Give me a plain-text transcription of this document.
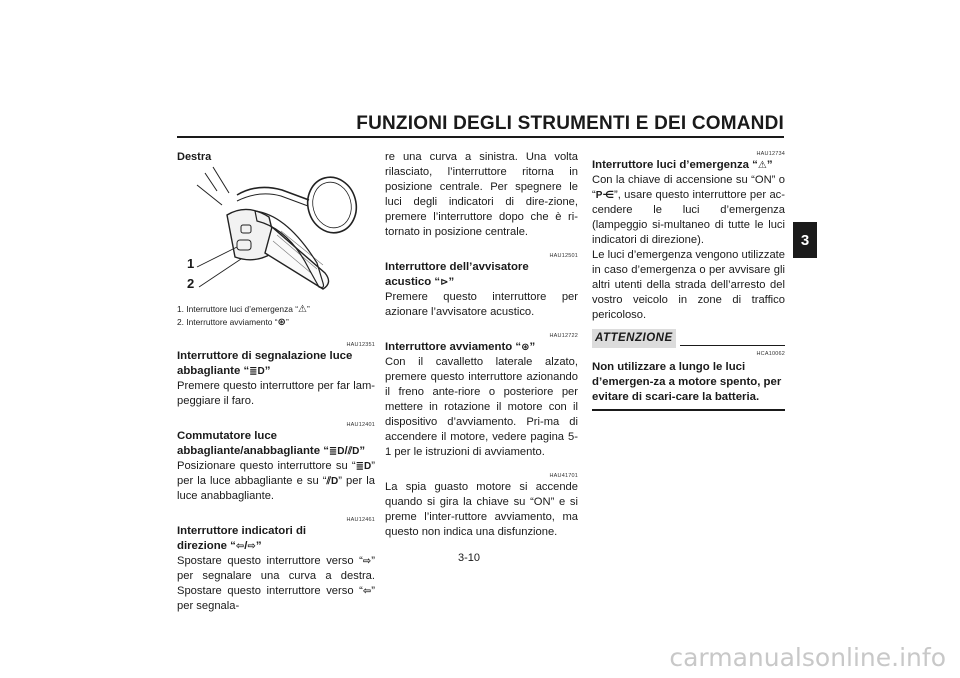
FUNZIONI DEGLI STRUMENTI E DEI COMANDI
3

Destra

1
2

1. Interruttore luci d’emergenza “⚠”

2. Interruttore avviamento “⊛”

HAU12351

Interruttore di segnalazione luce

abbagliante “≣D”

Premere questo interruttore per far lam-peggiare il faro.

HAU12401

Commutatore luce

abbagliante/anabbagliante “≣D/⫽D”

Posizionare questo interruttore su “≣D” per la luce abbagliante e su “⫽D” per la luce anabbagliante.

HAU12461

Interruttore indicatori di

direzione “⇦/⇨”

Spostare questo interruttore verso “⇨” per segnalare una curva a destra. Spostare questo interruttore verso “⇦” per segnala-

re una curva a sinistra. Una volta rilasciato, l’interruttore ritorna in posizione centrale. Per spegnere le luci degli indicatori di dire-zione, premere l’interruttore dopo che è ri-tornato in posizione centrale.

HAU12501

Interruttore dell’avvisatore

acustico “⊳”

Premere questo interruttore per azionare l’avvisatore acustico.

HAU12722

Interruttore avviamento “⊛”

Con il cavalletto laterale alzato, premere questo interruttore azionando il freno ante-riore o posteriore per mettere in rotazione il motore con il dispositivo d’avviamento. Pri-ma di accendere il motore, vedere pagina 5-1 per le istruzioni di avviamento.

HAU41701

La spia guasto motore si accende quando si gira la chiave su “ON” e si preme l’inter-ruttore avviamento, ma questo non indica una disfunzione.

HAU12734

Interruttore luci d’emergenza “⚠”

Con la chiave di accensione su “ON” o “P⋲”, usare questo interruttore per ac-cendere le luci d’emergenza (lampeggio si-multaneo di tutte le luci indicatori di direzione).

Le luci d’emergenza vengono utilizzate in caso d’emergenza o per avvisare gli altri utenti della strada dell’arresto del vostro veicolo in zone di traffico pericoloso.

ATTENZIONE

HCA10062

Non utilizzare a lungo le luci d’emergen-za a motore spento, per evitare di scari-care la batteria.

3-10
carmanualsonline.info
